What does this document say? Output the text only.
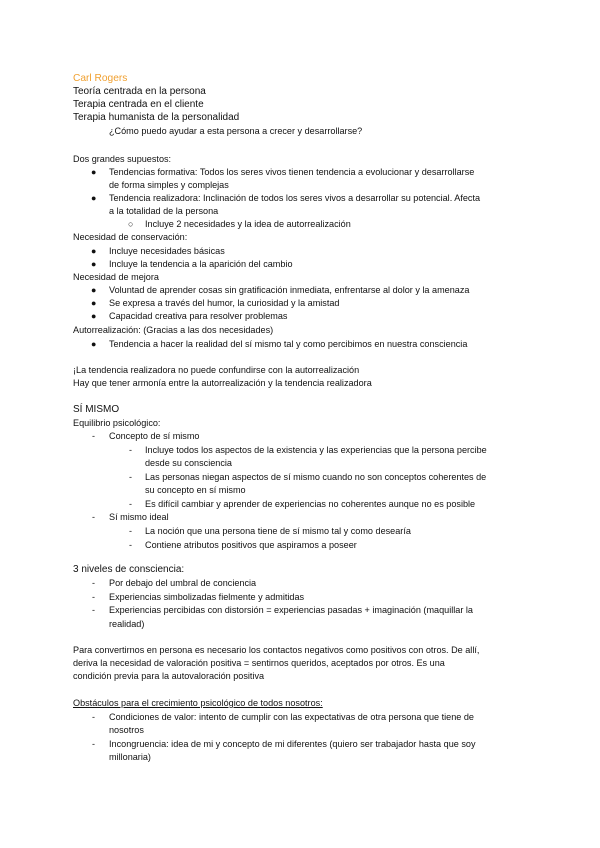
Carl Rogers
Teoría centrada en la persona
Terapia centrada en el cliente
Terapia humanista de la personalidad
¿Cómo puedo ayudar a esta persona a crecer y desarrollarse?
Dos grandes supuestos:
● Tendencias formativa: Todos los seres vivos tienen tendencia a evolucionar y desarrollarse
de forma simples y complejas
● Tendencia realizadora: Inclinación de todos los seres vivos a desarrollar su potencial. Afecta
a la totalidad de la persona
○ Incluye 2 necesidades y la idea de autorrealización
Necesidad de conservación:
● Incluye necesidades básicas
● Incluye la tendencia a la aparición del cambio
Necesidad de mejora
● Voluntad de aprender cosas sin gratificación inmediata, enfrentarse al dolor y la amenaza
● Se expresa a través del humor, la curiosidad y la amistad
● Capacidad creativa para resolver problemas
Autorrealización: (Gracias a las dos necesidades)
● Tendencia a hacer la realidad del sí mismo tal y como percibimos en nuestra consciencia
¡La tendencia realizadora no puede confundirse con la autorrealización
Hay que tener armonía entre la autorrealización y la tendencia realizadora
SÍ MISMO
Equilibrio psicológico:
- Concepto de sí mismo
- Incluye todos los aspectos de la existencia y las experiencias que la persona percibe
desde su consciencia
- Las personas niegan aspectos de sí mismo cuando no son conceptos coherentes de
su concepto en sí mismo
- Es difícil cambiar y aprender de experiencias no coherentes aunque no es posible
- Sí mismo ideal
- La noción que una persona tiene de sí mismo tal y como desearía
- Contiene atributos positivos que aspiramos a poseer
3 niveles de consciencia:
- Por debajo del umbral de conciencia
- Experiencias simbolizadas fielmente y admitidas
- Experiencias percibidas con distorsión = experiencias pasadas + imaginación (maquillar la
realidad)
Para convertirnos en persona es necesario los contactos negativos como positivos con otros. De allí,
deriva la necesidad de valoración positiva = sentirnos queridos, aceptados por otros. Es una
condición previa para la autovaloración positiva
Obstáculos para el crecimiento psicológico de todos nosotros:
- Condiciones de valor: intento de cumplir con las expectativas de otra persona que tiene de
nosotros
- Incongruencia: idea de mi y concepto de mi diferentes (quiero ser trabajador hasta que soy
millonaria)
